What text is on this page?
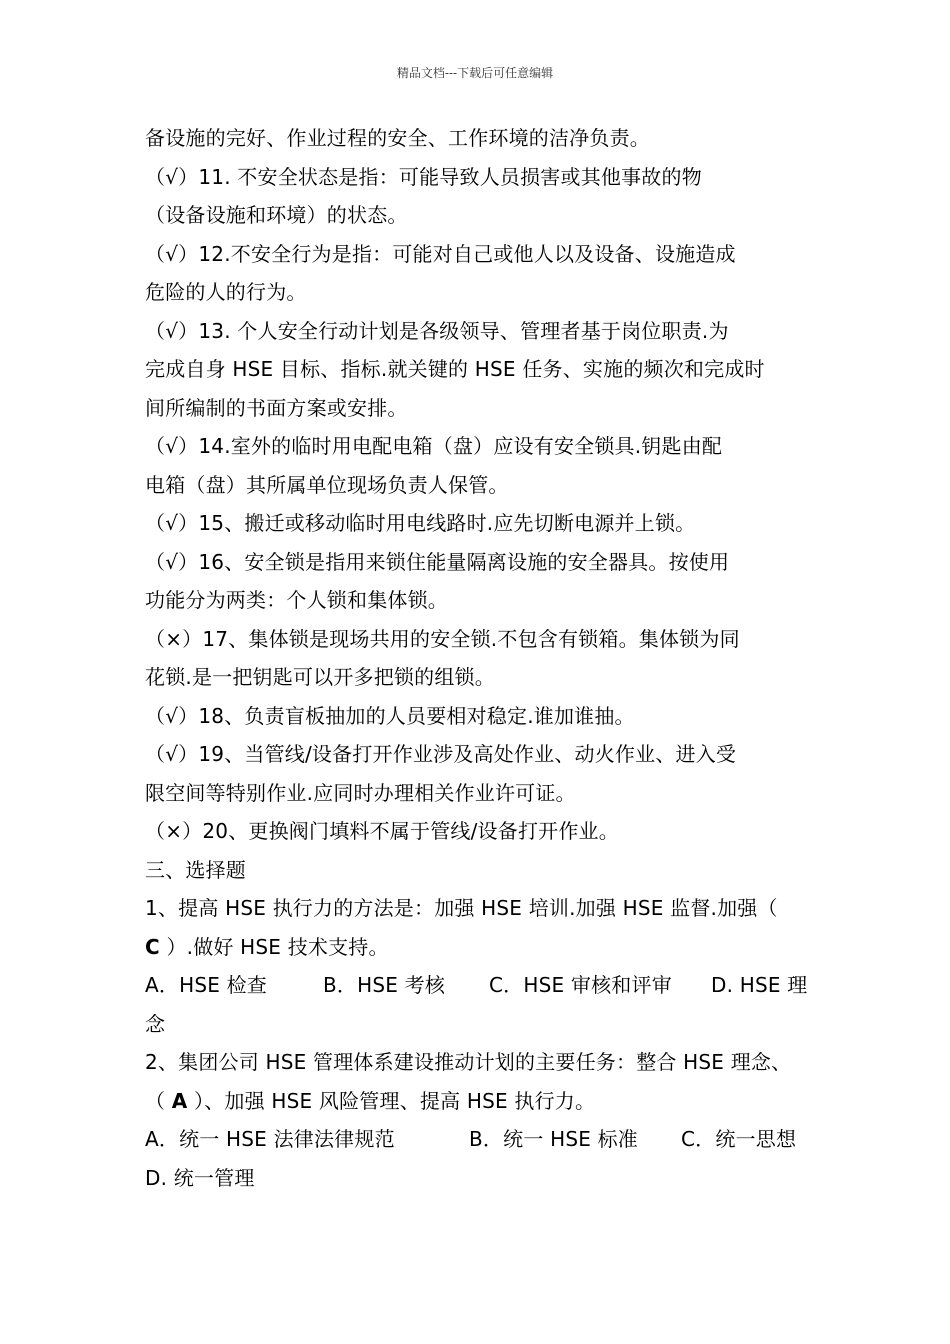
精品文档---下载后可任意编辑
备设施的完好、作业过程的安全、工作环境的洁净负责。
（√）11. 不安全状态是指：可能导致人员损害或其他事故的物
（设备设施和环境）的状态。
（√）12.不安全行为是指：可能对自己或他人以及设备、设施造成
危险的人的行为。
（√）13. 个人安全行动计划是各级领导、管理者基于岗位职责.为
完成自身 HSE 目标、指标.就关键的 HSE 任务、实施的频次和完成时
间所编制的书面方案或安排。
（√）14.室外的临时用电配电箱（盘）应设有安全锁具.钥匙由配
电箱（盘）其所属单位现场负责人保管。
（√）15、搬迁或移动临时用电线路时.应先切断电源并上锁。
（√）16、安全锁是指用来锁住能量隔离设施的安全器具。按使用
功能分为两类：个人锁和集体锁。
（×）17、集体锁是现场共用的安全锁.不包含有锁箱。集体锁为同
花锁.是一把钥匙可以开多把锁的组锁。
（√）18、负责盲板抽加的人员要相对稳定.谁加谁抽。
（√）19、当管线/设备打开作业涉及高处作业、动火作业、进入受
限空间等特别作业.应同时办理相关作业许可证。
（×）20、更换阀门填料不属于管线/设备打开作业。
三、选择题
1、提高 HSE 执行力的方法是：加强 HSE 培训.加强 HSE 监督.加强（
C ）.做好 HSE 技术支持。
A．HSE 检查	B．HSE 考核 C．HSE 审核和评审 D. HSE 理
念
2、集团公司 HSE 管理体系建设推动计划的主要任务：整合 HSE 理念、
（ A ）、加强 HSE 风险管理、提高 HSE 执行力。
A．统一 HSE 法律法律规范	B．统一 HSE 标准 C．统一思想
D. 统一管理
